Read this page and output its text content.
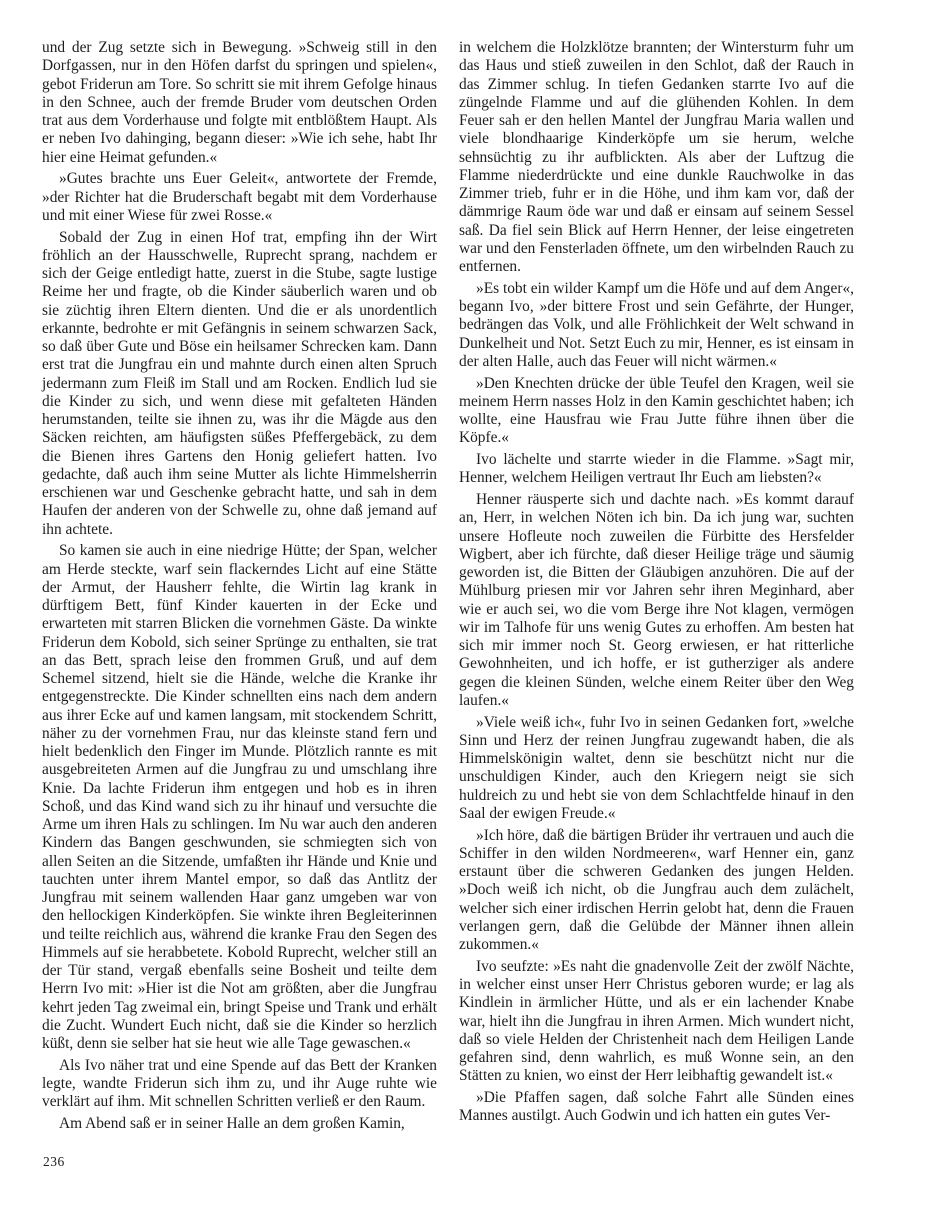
und der Zug setzte sich in Bewegung. »Schweig still in den Dorfgassen, nur in den Höfen darfst du springen und spielen«, gebot Friderun am Tore. So schritt sie mit ihrem Gefolge hinaus in den Schnee, auch der fremde Bruder vom deutschen Orden trat aus dem Vorderhause und folgte mit entblößtem Haupt. Als er neben Ivo dahinging, begann dieser: »Wie ich sehe, habt Ihr hier eine Heimat gefunden.«

»Gutes brachte uns Euer Geleit«, antwortete der Fremde, »der Richter hat die Bruderschaft begabt mit dem Vorderhause und mit einer Wiese für zwei Rosse.«

Sobald der Zug in einen Hof trat, empfing ihn der Wirt fröhlich an der Hausschwelle, Ruprecht sprang, nachdem er sich der Geige entledigt hatte, zuerst in die Stube, sagte lustige Reime her und fragte, ob die Kinder säuberlich waren und ob sie züchtig ihren Eltern dienten. Und die er als unordentlich erkannte, bedrohte er mit Gefängnis in seinem schwarzen Sack, so daß über Gute und Böse ein heilsamer Schrecken kam. Dann erst trat die Jungfrau ein und mahnte durch einen alten Spruch jedermann zum Fleiß im Stall und am Rocken. Endlich lud sie die Kinder zu sich, und wenn diese mit gefalteten Händen herumstanden, teilte sie ihnen zu, was ihr die Mägde aus den Säcken reichten, am häufigsten süßes Pfeffergebäck, zu dem die Bienen ihres Gartens den Honig geliefert hatten. Ivo gedachte, daß auch ihm seine Mutter als lichte Himmelsherrin erschienen war und Geschenke gebracht hatte, und sah in dem Haufen der anderen von der Schwelle zu, ohne daß jemand auf ihn achtete.

So kamen sie auch in eine niedrige Hütte; der Span, welcher am Herde steckte, warf sein flackerndes Licht auf eine Stätte der Armut, der Hausherr fehlte, die Wirtin lag krank in dürftigem Bett, fünf Kinder kauerten in der Ecke und erwarteten mit starren Blicken die vornehmen Gäste. Da winkte Friderun dem Kobold, sich seiner Sprünge zu enthalten, sie trat an das Bett, sprach leise den frommen Gruß, und auf dem Schemel sitzend, hielt sie die Hände, welche die Kranke ihr entgegenstreckte. Die Kinder schnellten eins nach dem andern aus ihrer Ecke auf und kamen langsam, mit stockendem Schritt, näher zu der vornehmen Frau, nur das kleinste stand fern und hielt bedenklich den Finger im Munde. Plötzlich rannte es mit ausgebreiteten Armen auf die Jungfrau zu und umschlang ihre Knie. Da lachte Friderun ihm entgegen und hob es in ihren Schoß, und das Kind wand sich zu ihr hinauf und versuchte die Arme um ihren Hals zu schlingen. Im Nu war auch den anderen Kindern das Bangen geschwunden, sie schmiegten sich von allen Seiten an die Sitzende, umfaßten ihr Hände und Knie und tauchten unter ihrem Mantel empor, so daß das Antlitz der Jungfrau mit seinem wallenden Haar ganz umgeben war von den hellockigen Kinderköpfen. Sie winkte ihren Begleiterinnen und teilte reichlich aus, während die kranke Frau den Segen des Himmels auf sie herabbetete. Kobold Ruprecht, welcher still an der Tür stand, vergaß ebenfalls seine Bosheit und teilte dem Herrn Ivo mit: »Hier ist die Not am größten, aber die Jungfrau kehrt jeden Tag zweimal ein, bringt Speise und Trank und erhält die Zucht. Wundert Euch nicht, daß sie die Kinder so herzlich küßt, denn sie selber hat sie heut wie alle Tage gewaschen.«

Als Ivo näher trat und eine Spende auf das Bett der Kranken legte, wandte Friderun sich ihm zu, und ihr Auge ruhte wie verklärt auf ihm. Mit schnellen Schritten verließ er den Raum.

Am Abend saß er in seiner Halle an dem großen Kamin,

in welchem die Holzklötze brannten; der Wintersturm fuhr um das Haus und stieß zuweilen in den Schlot, daß der Rauch in das Zimmer schlug. In tiefen Gedanken starrte Ivo auf die züngelnde Flamme und auf die glühenden Kohlen. In dem Feuer sah er den hellen Mantel der Jungfrau Maria wallen und viele blondhaarige Kinderköpfe um sie herum, welche sehnsüchtig zu ihr aufblickten. Als aber der Luftzug die Flamme niederdrückte und eine dunkle Rauchwolke in das Zimmer trieb, fuhr er in die Höhe, und ihm kam vor, daß der dämmrige Raum öde war und daß er einsam auf seinem Sessel saß. Da fiel sein Blick auf Herrn Henner, der leise eingetreten war und den Fensterladen öffnete, um den wirbelnden Rauch zu entfernen.

»Es tobt ein wilder Kampf um die Höfe und auf dem Anger«, begann Ivo, »der bittere Frost und sein Gefährte, der Hunger, bedrängen das Volk, und alle Fröhlichkeit der Welt schwand in Dunkelheit und Not. Setzt Euch zu mir, Henner, es ist einsam in der alten Halle, auch das Feuer will nicht wärmen.«

»Den Knechten drücke der üble Teufel den Kragen, weil sie meinem Herrn nasses Holz in den Kamin geschichtet haben; ich wollte, eine Hausfrau wie Frau Jutte führe ihnen über die Köpfe.«

Ivo lächelte und starrte wieder in die Flamme. »Sagt mir, Henner, welchem Heiligen vertraut Ihr Euch am liebsten?«

Henner räusperte sich und dachte nach. »Es kommt darauf an, Herr, in welchen Nöten ich bin. Da ich jung war, suchten unsere Hofleute noch zuweilen die Fürbitte des Hersfelder Wigbert, aber ich fürchte, daß dieser Heilige träge und säumig geworden ist, die Bitten der Gläubigen anzuhören. Die auf der Mühlburg priesen mir vor Jahren sehr ihren Meginhard, aber wie er auch sei, wo die vom Berge ihre Not klagen, vermögen wir im Talhofe für uns wenig Gutes zu erhoffen. Am besten hat sich mir immer noch St. Georg erwiesen, er hat ritterliche Gewohnheiten, und ich hoffe, er ist gutherziger als andere gegen die kleinen Sünden, welche einem Reiter über den Weg laufen.«

»Viele weiß ich«, fuhr Ivo in seinen Gedanken fort, »welche Sinn und Herz der reinen Jungfrau zugewandt haben, die als Himmelskönigin waltet, denn sie beschützt nicht nur die unschuldigen Kinder, auch den Kriegern neigt sie sich huldreich zu und hebt sie von dem Schlachtfelde hinauf in den Saal der ewigen Freude.«

»Ich höre, daß die bärtigen Brüder ihr vertrauen und auch die Schiffer in den wilden Nordmeeren«, warf Henner ein, ganz erstaunt über die schweren Gedanken des jungen Helden. »Doch weiß ich nicht, ob die Jungfrau auch dem zulächelt, welcher sich einer irdischen Herrin gelobt hat, denn die Frauen verlangen gern, daß die Gelübde der Männer ihnen allein zukommen.«

Ivo seufzte: »Es naht die gnadenvolle Zeit der zwölf Nächte, in welcher einst unser Herr Christus geboren wurde; er lag als Kindlein in ärmlicher Hütte, und als er ein lachender Knabe war, hielt ihn die Jungfrau in ihren Armen. Mich wundert nicht, daß so viele Helden der Christenheit nach dem Heiligen Lande gefahren sind, denn wahrlich, es muß Wonne sein, an den Stätten zu knien, wo einst der Herr leibhaftig gewandelt ist.«

»Die Pfaffen sagen, daß solche Fahrt alle Sünden eines Mannes austilgt. Auch Godwin und ich hatten ein gutes Ver-

236
